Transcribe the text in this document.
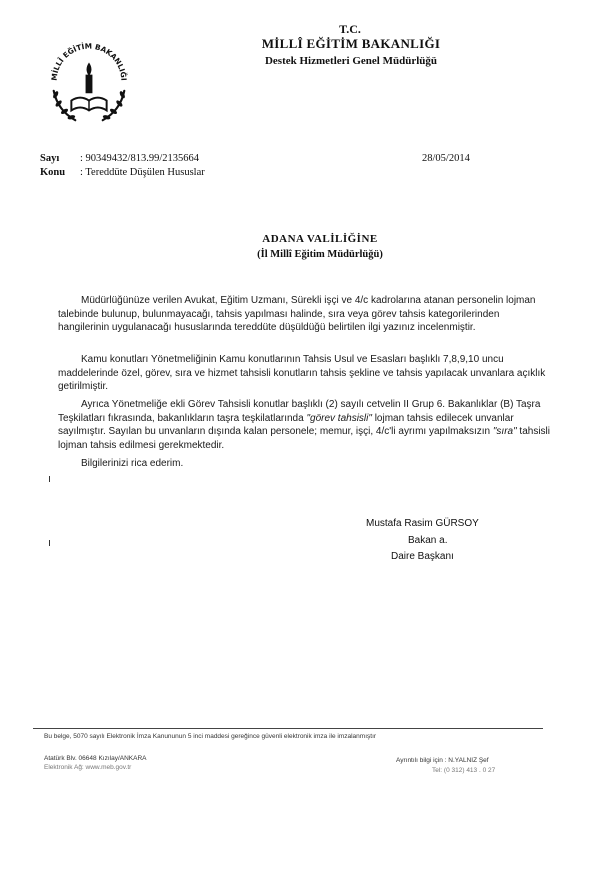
MİLLÎ EĞİTİM BAKANLIĞI
T.C.
MİLLÎ EĞİTİM BAKANLIĞI
Destek Hizmetleri Genel Müdürlüğü
Sayı : 90349432/813.99/2135664
Konu : Tereddüte Düşülen Hususlar
28/05/2014
ADANA VALİLİĞİNE
(İl Millî Eğitim Müdürlüğü)
Müdürlüğünüze verilen Avukat, Eğitim Uzmanı, Sürekli işçi ve 4/c kadrolarına atanan personelin lojman talebinde bulunup, bulunmayacağı, tahsis yapılması halinde, sıra veya görev tahsis kategorilerinden hangilerinin uygulanacağı hususlarında tereddüte düşüldüğü belirtilen ilgi yazınız incelenmiştir.
Kamu konutları Yönetmeliğinin Kamu konutlarının Tahsis Usul ve Esasları başlıklı 7,8,9,10 uncu maddelerinde özel, görev, sıra ve hizmet tahsisli konutların tahsis şekline ve tahsis yapılacak unvanlara açıklık getirilmiştir.
Ayrıca Yönetmeliğe ekli Görev Tahsisli konutlar başlıklı (2) sayılı cetvelin II Grup 6. Bakanlıklar (B) Taşra Teşkilatları fıkrasında, bakanlıkların taşra teşkilatlarında "görev tahsisli" lojman tahsis edilecek unvanlar sayılmıştır. Sayılan bu unvanların dışında kalan personele; memur, işçi, 4/c'li ayrımı yapılmaksızın "sıra" tahsisli lojman tahsis edilmesi gerekmektedir.
Bilgilerinizi rica ederim.
Mustafa Rasim GÜRSOY
Bakan a.
Daire Başkanı
Bu belge, 5070 sayılı Elektronik İmza Kanununun 5 inci maddesi gereğince güvenli elektronik imza ile imzalanmıştır
Atatürk Blv. 06648 Kızılay/ANKARA
Elektronik Ağ: www.meb.gov.tr
Ayrıntılı bilgi için : N.YALNIZ Şef
Tel: (0 312) 413 . 0 27
